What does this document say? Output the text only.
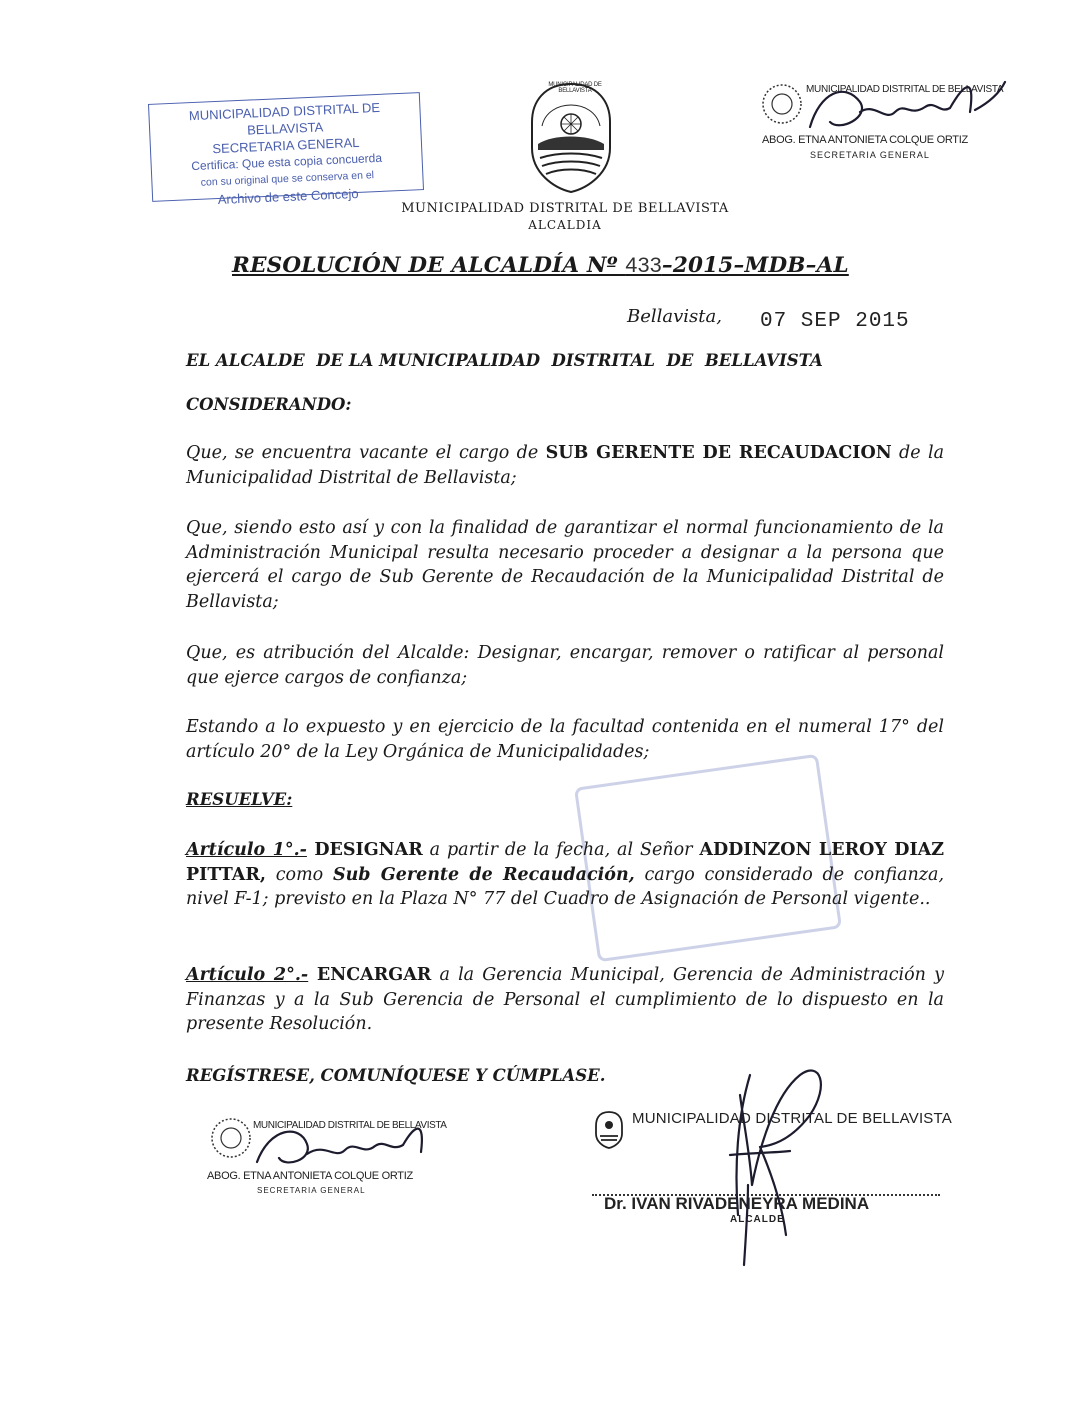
MUNICIPALIDAD DISTRITAL DE BELLAVISTA
SECRETARIA GENERAL
Certifica: Que esta copia concuerda
con su original que se conserva en el
Archivo de este Concejo
MUNICIPALIDAD DISTRITAL DE BELLAVISTA
ABOG. ETNA ANTONIETA COLQUE ORTIZ
SECRETARIA GENERAL
MUNICIPALIDAD DE BELLAVISTA
MUNICIPALIDAD DISTRITAL DE BELLAVISTA
ALCALDIA
RESOLUCIÓN DE ALCALDÍA Nº 433–2015–MDB–AL
Bellavista, 07 SEP 2015
EL ALCALDE  DE LA MUNICIPALIDAD  DISTRITAL  DE  BELLAVISTA
CONSIDERANDO:
Que, se encuentra vacante el cargo de SUB GERENTE DE RECAUDACION de la Municipalidad Distrital de Bellavista;
Que, siendo esto así y con la finalidad de garantizar el normal funcionamiento de la Administración Municipal resulta necesario proceder a designar a la persona que ejercerá el cargo de Sub Gerente de Recaudación de la Municipalidad Distrital de Bellavista;
Que, es atribución del Alcalde: Designar, encargar, remover o ratificar al personal que ejerce cargos de confianza;
Estando a lo expuesto y en ejercicio de la facultad contenida en el numeral 17° del artículo 20° de la Ley Orgánica de Municipalidades;
RESUELVE:
Artículo 1°.- DESIGNAR a partir de la fecha, al Señor ADDINZON LEROY DIAZ PITTAR, como Sub Gerente de Recaudación, cargo considerado de confianza, nivel F-1; previsto en la Plaza N° 77 del Cuadro de Asignación de Personal vigente..
Artículo 2°.- ENCARGAR a la Gerencia Municipal, Gerencia de Administración y Finanzas y a la Sub Gerencia de Personal el cumplimiento de lo dispuesto en la presente Resolución.
REGÍSTRESE, COMUNÍQUESE Y CÚMPLASE.
MUNICIPALIDAD DISTRITAL DE BELLAVISTA
ABOG. ETNA ANTONIETA COLQUE ORTIZ
SECRETARIA GENERAL
MUNICIPALIDAD DISTRITAL DE BELLAVISTA
Dr. IVAN RIVADENEYRA MEDINA
ALCALDE
